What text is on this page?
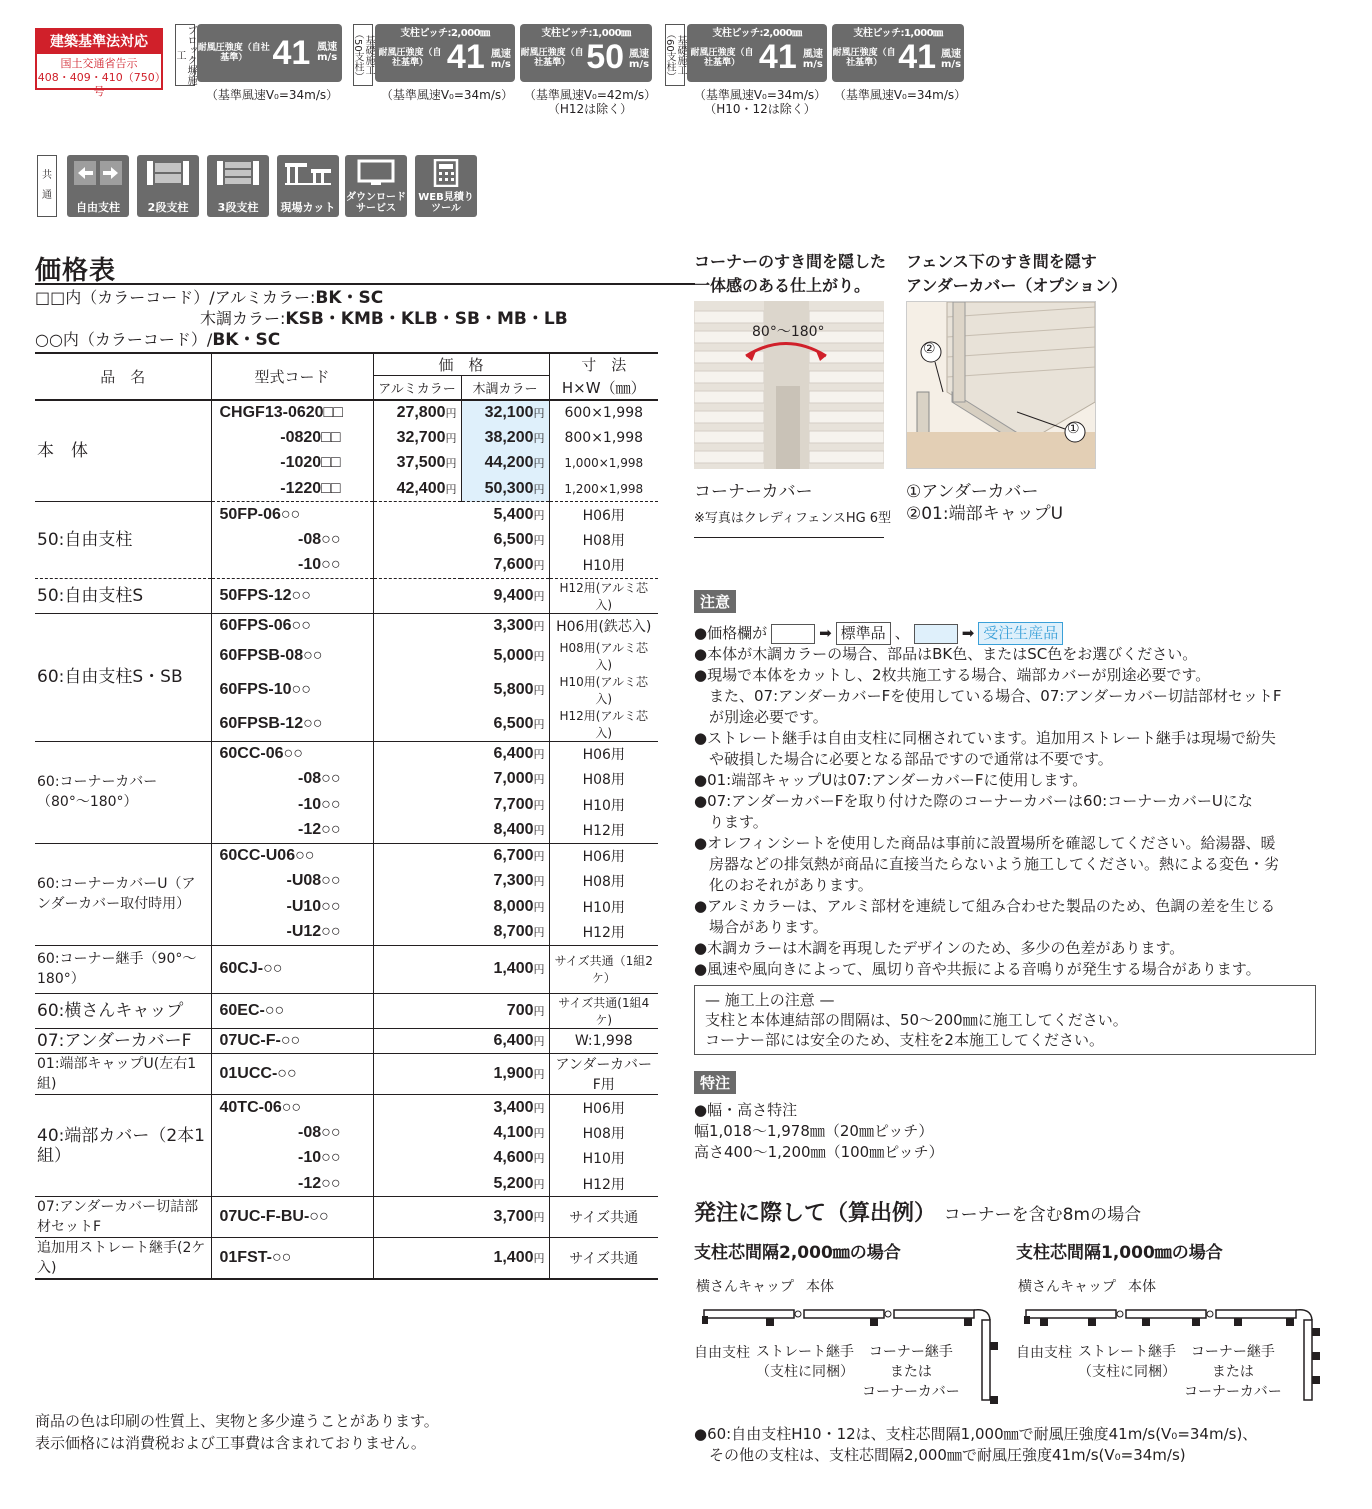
建築基準法対応
国土交通省告示
408・409・410（750）号
ブロック塀施工
耐風圧強度（自社基準） 41 風速m/s
（基準風速V₀=34m/s）
基礎施工（50支柱）	支柱ピッチ:2,000㎜
耐風圧強度（自社基準） 41 風速m/s
（基準風速V₀=34m/s）
支柱ピッチ:1,000㎜
耐風圧強度（自社基準） 50 風速m/s
（基準風速V₀=42m/s）
（H12は除く）
基礎施工（60支柱）	支柱ピッチ:2,000㎜
耐風圧強度（自社基準） 41 風速m/s
（基準風速V₀=34m/s）
（H10・12は除く）
支柱ピッチ:1,000㎜
耐風圧強度（自社基準） 41 風速m/s
（基準風速V₀=34m/s）
共通
自由支柱	2段支柱	3段支柱	現場カット
ダウンロードサービス
WEB見積りツール
価格表
□□内（カラーコード）/アルミカラー:BK・SC
木調カラー:KSB・KMB・KLB・SB・MB・LB
○○内（カラーコード）/BK・SC
品　名	型式コード	価　格		寸　法
		アルミカラー	木調カラー	H×W（㎜）
本　体	CHGF13-0620□□	27,800円	32,100円	600×1,998
	-0820□□	32,700円	38,200円	800×1,998
	-1020□□	37,500円	44,200円	1,000×1,998
	-1220□□	42,400円	50,300円	1,200×1,998
50:自由支柱	50FP-06○○	5,400円		H06用
	-08○○	6,500円		H08用
	-10○○	7,600円		H10用
50:自由支柱S	50FPS-12○○	9,400円		H12用(アルミ芯入)
60:自由支柱S・SB	60FPS-06○○	3,300円		H06用(鉄芯入)
	60FPSB-08○○	5,000円		H08用(アルミ芯入)
	60FPS-10○○	5,800円		H10用(アルミ芯入)
	60FPSB-12○○	6,500円		H12用(アルミ芯入)
60:コーナーカバー（80°〜180°）	60CC-06○○	6,400円		H06用
	-08○○	7,000円		H08用
	-10○○	7,700円		H10用
	-12○○	8,400円		H12用
60:コーナーカバーU（アンダーカバー取付時用）	60CC-U06○○	6,700円		H06用
	-U08○○	7,300円		H08用
	-U10○○	8,000円		H10用
	-U12○○	8,700円		H12用
60:コーナー継手（90°〜180°）	60CJ-○○	1,400円		サイズ共通（1組2ケ）
60:横さんキャップ	60EC-○○	700円		サイズ共通(1組4ケ)
07:アンダーカバーF	07UC-F-○○	6,400円		W:1,998
01:端部キャップU(左右1組)	01UCC-○○	1,900円		アンダーカバーF用
40:端部カバー（2本1組）	40TC-06○○	3,400円		H06用
	-08○○	4,100円		H08用
	-10○○	4,600円		H10用
	-12○○	5,200円		H12用
07:アンダーカバー切詰部材セットF	07UC-F-BU-○○	3,700円		サイズ共通
追加用ストレート継手(2ケ入)	01FST-○○	1,400円		サイズ共通
コーナーのすき間を隠した
一体感のある仕上がり。
80°〜180°
コーナーカバー
※写真はクレディフェンスHG 6型
フェンス下のすき間を隠す
アンダーカバー（オプション）
②
①
①アンダーカバー
②01:端部キャップU
注意
●価格欄が	➡ 標準品 、	➡ 受注生産品
●本体が木調カラーの場合、部品はBK色、またはSC色をお選びください。
●現場で本体をカットし、2枚共施工する場合、端部カバーが別途必要です。
　また、07:アンダーカバーFを使用している場合、07:アンダーカバー切詰部材セットF
　が別途必要です。
●ストレート継手は自由支柱に同梱されています。追加用ストレート継手は現場で紛失
　や破損した場合に必要となる部品ですので通常は不要です。
●01:端部キャップUは07:アンダーカバーFに使用します。
●07:アンダーカバーFを取り付けた際のコーナーカバーは60:コーナーカバーUにな
　ります。
●オレフィンシートを使用した商品は事前に設置場所を確認してください。給湯器、暖
　房器などの排気熱が商品に直接当たらないよう施工してください。熱による変色・劣
　化のおそれがあります。
●アルミカラーは、アルミ部材を連続して組み合わせた製品のため、色調の差を生じる
　場合があります。
●木調カラーは木調を再現したデザインのため、多少の色差があります。
●風速や風向きによって、風切り音や共振による音鳴りが発生する場合があります。
— 施工上の注意 —
支柱と本体連結部の間隔は、50〜200㎜に施工してください。
コーナー部には安全のため、支柱を2本施工してください。
特注
●幅・高さ特注
幅1,018〜1,978㎜（20㎜ピッチ）
高さ400〜1,200㎜（100㎜ピッチ）
発注に際して（算出例） コーナーを含む8mの場合
支柱芯間隔2,000㎜の場合	支柱芯間隔1,000㎜の場合
横さんキャップ 本体
自由支柱 ストレート継手
（支柱に同梱）
コーナー継手
または
コーナーカバー
横さんキャップ 本体
自由支柱 ストレート継手
（支柱に同梱）
コーナー継手
または
コーナーカバー
●60:自由支柱H10・12は、支柱芯間隔1,000㎜で耐風圧強度41m/s(V₀=34m/s)、
　その他の支柱は、支柱芯間隔2,000㎜で耐風圧強度41m/s(V₀=34m/s)
商品の色は印刷の性質上、実物と多少違うことがあります。
表示価格には消費税および工事費は含まれておりません。
